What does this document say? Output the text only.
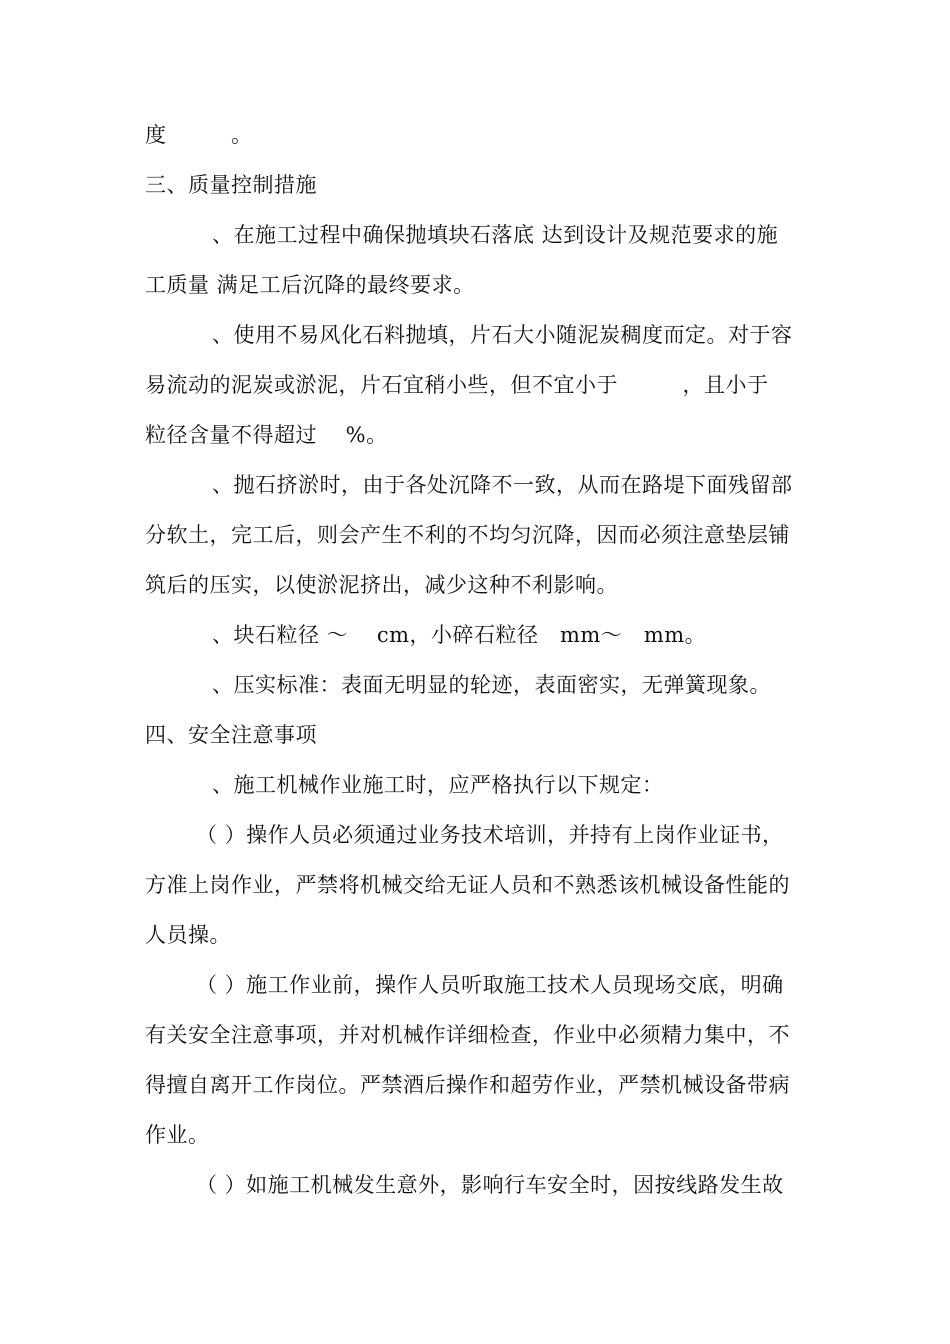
度　　　。
三、质量控制措施
、在施工过程中确保抛填块石落底 达到设计及规范要求的施
工质量 满足工后沉降的最终要求。
、使用不易风化石料抛填，片石大小随泥炭稠度而定。对于容
易流动的泥炭或淤泥，片石宜稍小些，但不宜小于　　　，且小于
粒径含量不得超过　 %。
、抛石挤淤时，由于各处沉降不一致，从而在路堤下面残留部
分软土，完工后，则会产生不利的不均匀沉降，因而必须注意垫层铺
筑后的压实，以使淤泥挤出，减少这种不利影响。
、块石粒径 ～　 cm，小碎石粒径　mm～　mm。
、压实标准：表面无明显的轮迹，表面密实，无弹簧现象。
四、安全注意事项
、施工机械作业施工时，应严格执行以下规定：
（ ）操作人员必须通过业务技术培训，并持有上岗作业证书，
方准上岗作业，严禁将机械交给无证人员和不熟悉该机械设备性能的
人员操。
（ ）施工作业前，操作人员听取施工技术人员现场交底，明确
有关安全注意事项，并对机械作详细检查，作业中必须精力集中，不
得擅自离开工作岗位。严禁酒后操作和超劳作业，严禁机械设备带病
作业。
（ ）如施工机械发生意外，影响行车安全时，因按线路发生故
